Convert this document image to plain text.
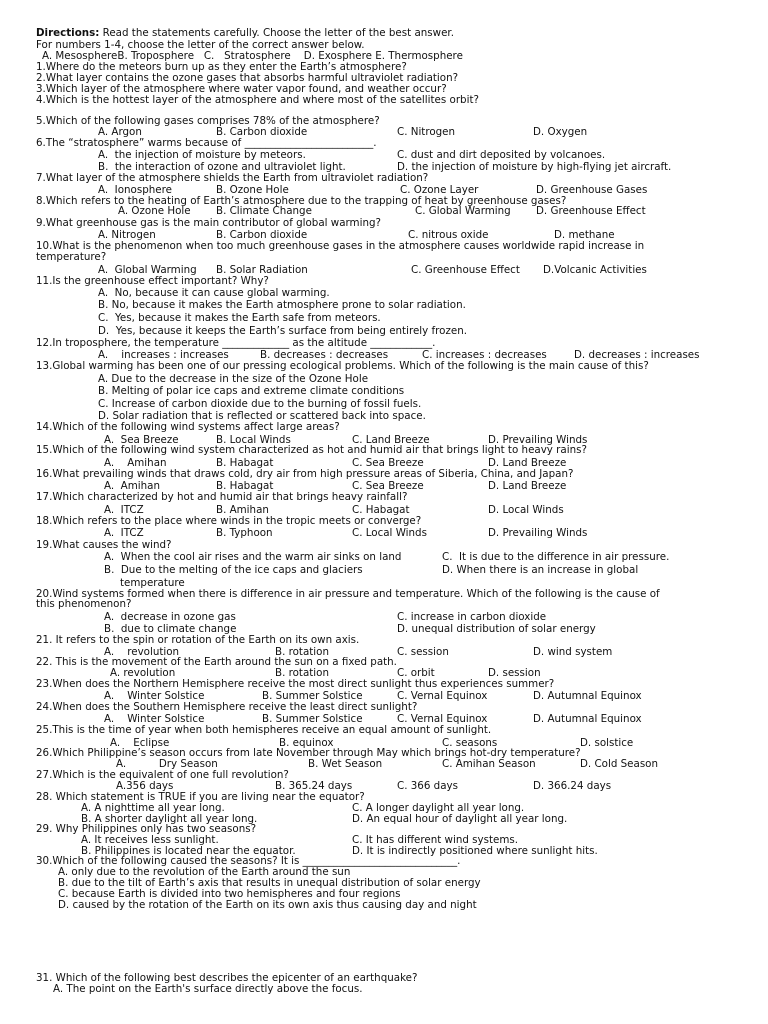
Directions: Read the statements carefully. Choose the letter of the best answer.
For numbers 1-4, choose the letter of the correct answer below.
A. MesosphereB. Troposphere   C.   Stratosphere    D. Exosphere E. Thermosphere
1.Where do the meteors burn up as they enter the Earth’s atmosphere?
2.What layer contains the ozone gases that absorbs harmful ultraviolet radiation?
3.Which layer of the atmosphere where water vapor found, and weather occur?
4.Which is the hottest layer of the atmosphere and where most of the satellites orbit?
5.Which of the following gases comprises 78% of the atmosphere?
A. Argon	B. Carbon dioxide	C. Nitrogen	D. Oxygen
6.The “stratosphere” warms because of _________________________.
A.  the injection of moisture by meteors.	C. dust and dirt deposited by volcanoes.
B.  the interaction of ozone and ultraviolet light.	D. the injection of moisture by high-flying jet aircraft.
7.What layer of the atmosphere shields the Earth from ultraviolet radiation?
A.  Ionosphere	B. Ozone Hole	C. Ozone Layer	D. Greenhouse Gases
8.Which refers to the heating of Earth’s atmosphere due to the trapping of heat by greenhouse gases?
A. Ozone Hole B. Climate Change	C. Global Warming D. Greenhouse Effect
9.What greenhouse gas is the main contributor of global warming?
A. Nitrogen	B. Carbon dioxide	C. nitrous oxide	D. methane
10.What is the phenomenon when too much greenhouse gases in the atmosphere causes worldwide rapid increase in
temperature?
A.  Global Warming B. Solar Radiation	C. Greenhouse Effect D.Volcanic Activities
11.Is the greenhouse effect important? Why?
A.  No, because it can cause global warming.
B. No, because it makes the Earth atmosphere prone to solar radiation.
C.  Yes, because it makes the Earth safe from meteors.
D.  Yes, because it keeps the Earth’s surface from being entirely frozen.
12.In troposphere, the temperature _____________ as the altitude ____________.
A.    increases : increases	B. decreases : decreases	C. increases : decreases	D. decreases : increases
13.Global warming has been one of our pressing ecological problems. Which of the following is the main cause of this?
A. Due to the decrease in the size of the Ozone Hole
B. Melting of polar ice caps and extreme climate conditions
C. Increase of carbon dioxide due to the burning of fossil fuels.
D. Solar radiation that is reflected or scattered back into space.
14.Which of the following wind systems affect large areas?
A.  Sea Breeze	B. Local Winds	C. Land Breeze	D. Prevailing Winds
15.Which of the following wind system characterized as hot and humid air that brings light to heavy rains?
A.    Amihan	B. Habagat	C. Sea Breeze	D. Land Breeze
16.What prevailing winds that draws cold, dry air from high pressure areas of Siberia, China, and Japan?
A.  Amihan	B. Habagat	C. Sea Breeze	D. Land Breeze
17.Which characterized by hot and humid air that brings heavy rainfall?
A.  ITCZ	B. Amihan	C. Habagat	D. Local Winds
18.Which refers to the place where winds in the tropic meets or converge?
A.  ITCZ	B. Typhoon	C. Local Winds	D. Prevailing Winds
19.What causes the wind?
A.  When the cool air rises and the warm air sinks on land	C.  It is due to the difference in air pressure.
B.  Due to the melting of the ice caps and glaciers	D. When there is an increase in global
temperature
20.Wind systems formed when there is difference in air pressure and temperature. Which of the following is the cause of
this phenomenon?
A.  decrease in ozone gas	C. increase in carbon dioxide
B.  due to climate change	D. unequal distribution of solar energy
21. It refers to the spin or rotation of the Earth on its own axis.
A.    revolution	B. rotation	C. session	D. wind system
22. This is the movement of the Earth around the sun on a fixed path.
A. revolution	B. rotation	C. orbit	D. session
23.When does the Northern Hemisphere receive the most direct sunlight thus experiences summer?
A.    Winter Solstice	B. Summer Solstice	C. Vernal Equinox	D. Autumnal Equinox
24.When does the Southern Hemisphere receive the least direct sunlight?
A.    Winter Solstice	B. Summer Solstice	C. Vernal Equinox	D. Autumnal Equinox
25.This is the time of year when both hemispheres receive an equal amount of sunlight.
A.    Eclipse	B. equinox	C. seasons	D. solstice
26.Which Philippine’s season occurs from late November through May which brings hot-dry temperature?
A.          Dry Season	B. Wet Season	C. Amihan Season	D. Cold Season
27.Which is the equivalent of one full revolution?
A.356 days	B. 365.24 days	C. 366 days	D. 366.24 days
28. Which statement is TRUE if you are living near the equator?
A. A nighttime all year long.	C. A longer daylight all year long.
B. A shorter daylight all year long.	D. An equal hour of daylight all year long.
29. Why Philippines only has two seasons?
A. It receives less sunlight.	C. It has different wind systems.
B. Philippines is located near the equator.	D. It is indirectly positioned where sunlight hits.
30.Which of the following caused the seasons? It is ______________________________.
A. only due to the revolution of the Earth around the sun
B. due to the tilt of Earth’s axis that results in unequal distribution of solar energy
C. because Earth is divided into two hemispheres and four regions
D. caused by the rotation of the Earth on its own axis thus causing day and night
31. Which of the following best describes the epicenter of an earthquake?
A. The point on the Earth's surface directly above the focus.
